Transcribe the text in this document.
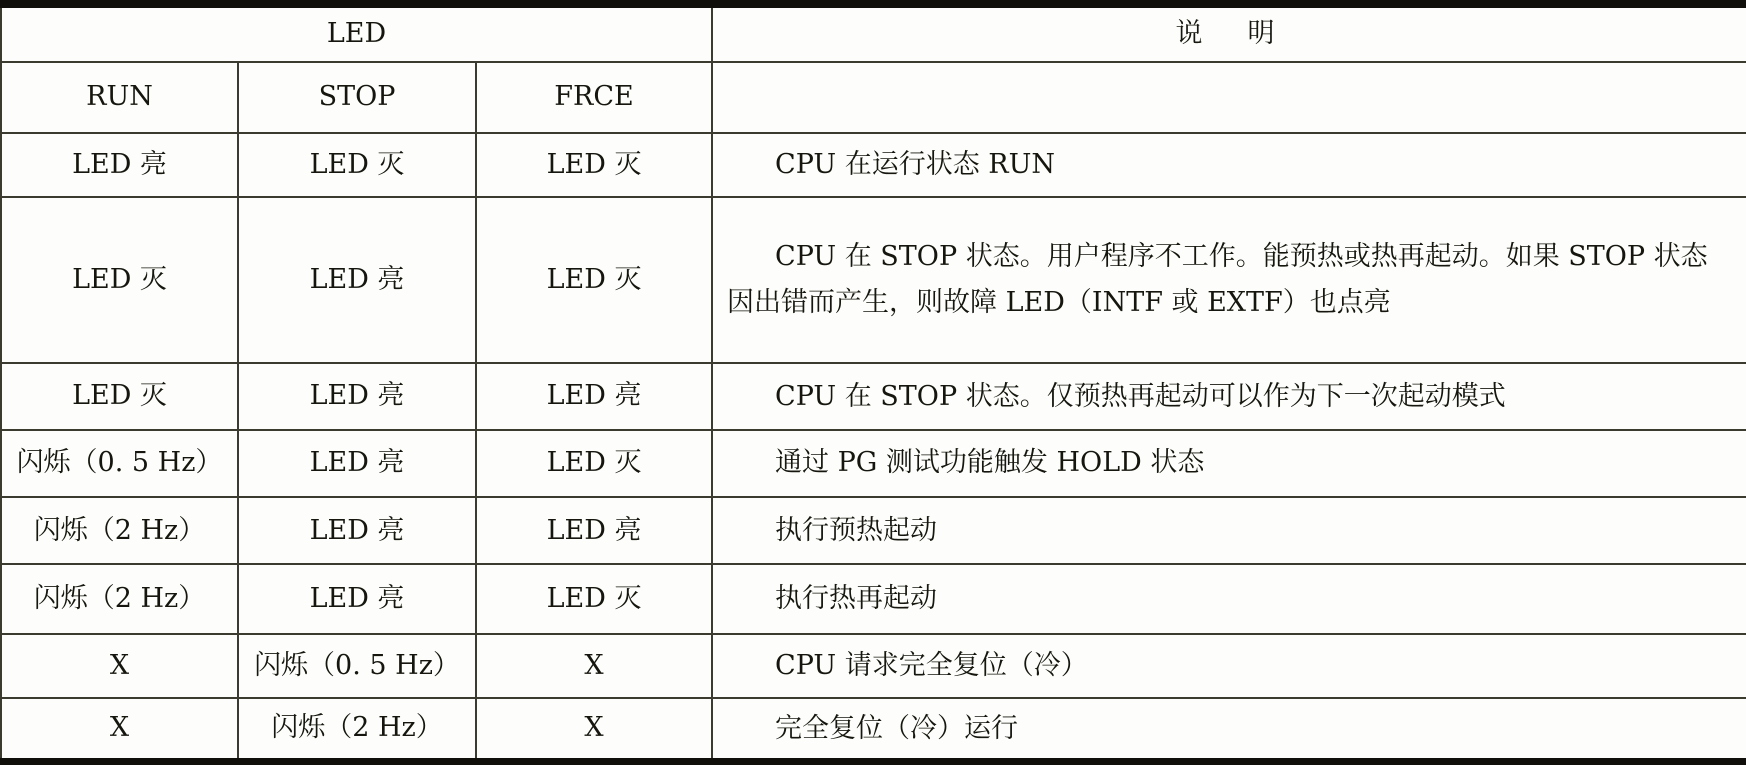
LED			说　明
RUN	STOP	FRCE	
LED 亮	LED 灭	LED 灭	CPU 在运行状态 RUN
LED 灭	LED 亮	LED 灭	CPU 在 STOP 状态。用户程序不工作。能预热或热再起动。如果 STOP 状态因出错而产生，则故障 LED（INTF 或 EXTF）也点亮
LED 灭	LED 亮	LED 亮	CPU 在 STOP 状态。仅预热再起动可以作为下一次起动模式
闪烁（0. 5 Hz）	LED 亮	LED 灭	通过 PG 测试功能触发 HOLD 状态
闪烁（2 Hz）	LED 亮	LED 亮	执行预热起动
闪烁（2 Hz）	LED 亮	LED 灭	执行热再起动
X	闪烁（0. 5 Hz）	X	CPU 请求完全复位（冷）
X	闪烁（2 Hz）	X	完全复位（冷）运行
